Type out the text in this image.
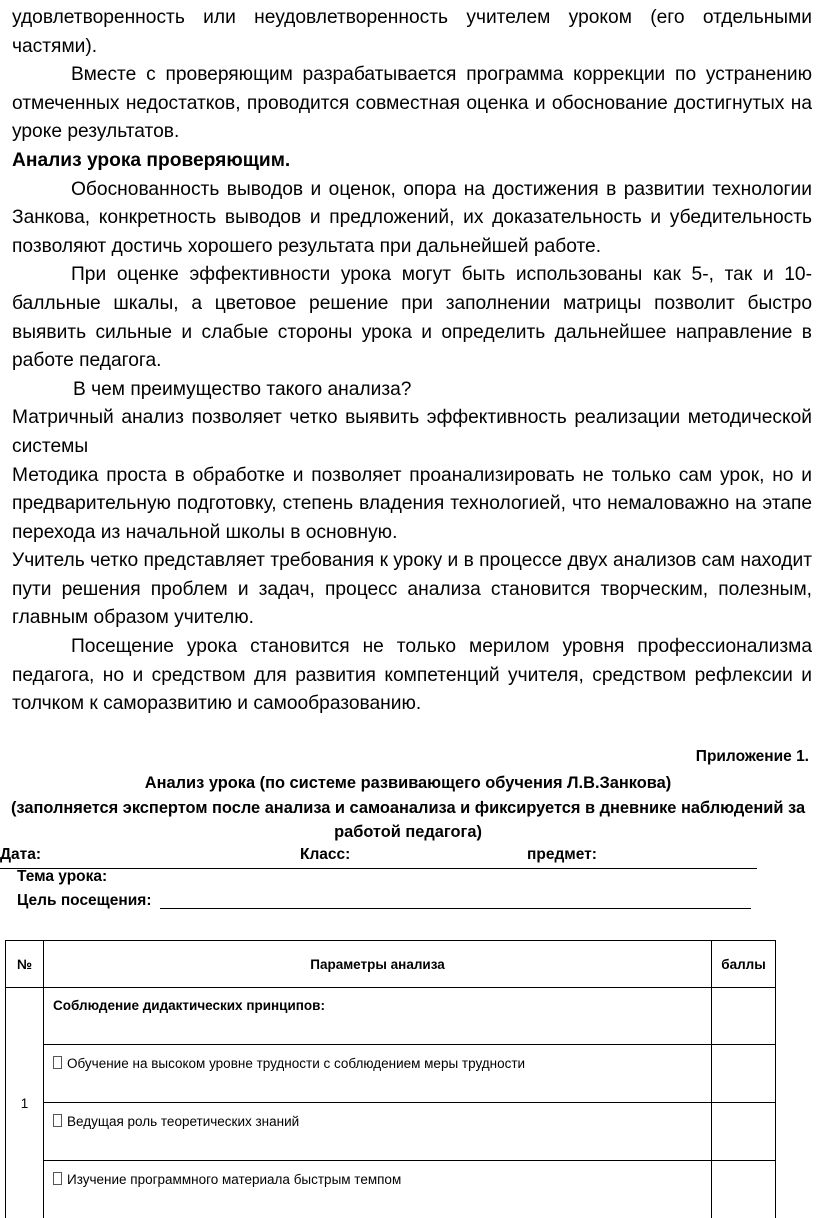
удовлетворенность или неудовлетворенность учителем уроком (его отдельными частями).

Вместе с проверяющим разрабатывается программа коррекции по устранению отмеченных недостатков, проводится совместная оценка и обоснование достигнутых на уроке результатов.

Анализ урока проверяющим.

Обоснованность выводов и оценок, опора на достижения в развитии технологии Занкова, конкретность выводов и предложений, их доказательность и убедительность позволяют достичь хорошего результата при дальнейшей работе.

При оценке эффективности урока могут быть использованы как 5-, так и 10-балльные шкалы, а цветовое решение при заполнении матрицы позволит быстро выявить сильные и слабые стороны урока и определить дальнейшее направление в работе педагога.

В чем преимущество такого анализа?

Матричный анализ позволяет четко выявить эффективность реализации методической системы

Методика проста в обработке и позволяет проанализировать не только сам урок, но и предварительную подготовку, степень владения технологией, что немаловажно на этапе перехода из начальной школы в основную.

Учитель четко представляет требования к уроку и в процессе двух анализов сам находит пути решения проблем и задач, процесс анализа становится творческим, полезным, главным образом учителю.

Посещение урока становится не только мерилом уровня профессионализма педагога, но и средством для развития компетенций учителя, средством рефлексии и толчком к саморазвитию и самообразованию.

Приложение 1.
Анализ урока (по системе развивающего обучения Л.В.Занкова)
(заполняется экспертом после анализа и самоанализа и фиксируется в дневнике наблюдений за работой педагога)
Дата:	Класс:	предмет:
Тема урока:
Цель посещения:
№	Параметры анализа	баллы
1	Соблюдение дидактических принципов:	
	Обучение на высоком уровне трудности с соблюдением меры трудности	
	Ведущая роль теоретических знаний	
	Изучение программного материала быстрым темпом	
